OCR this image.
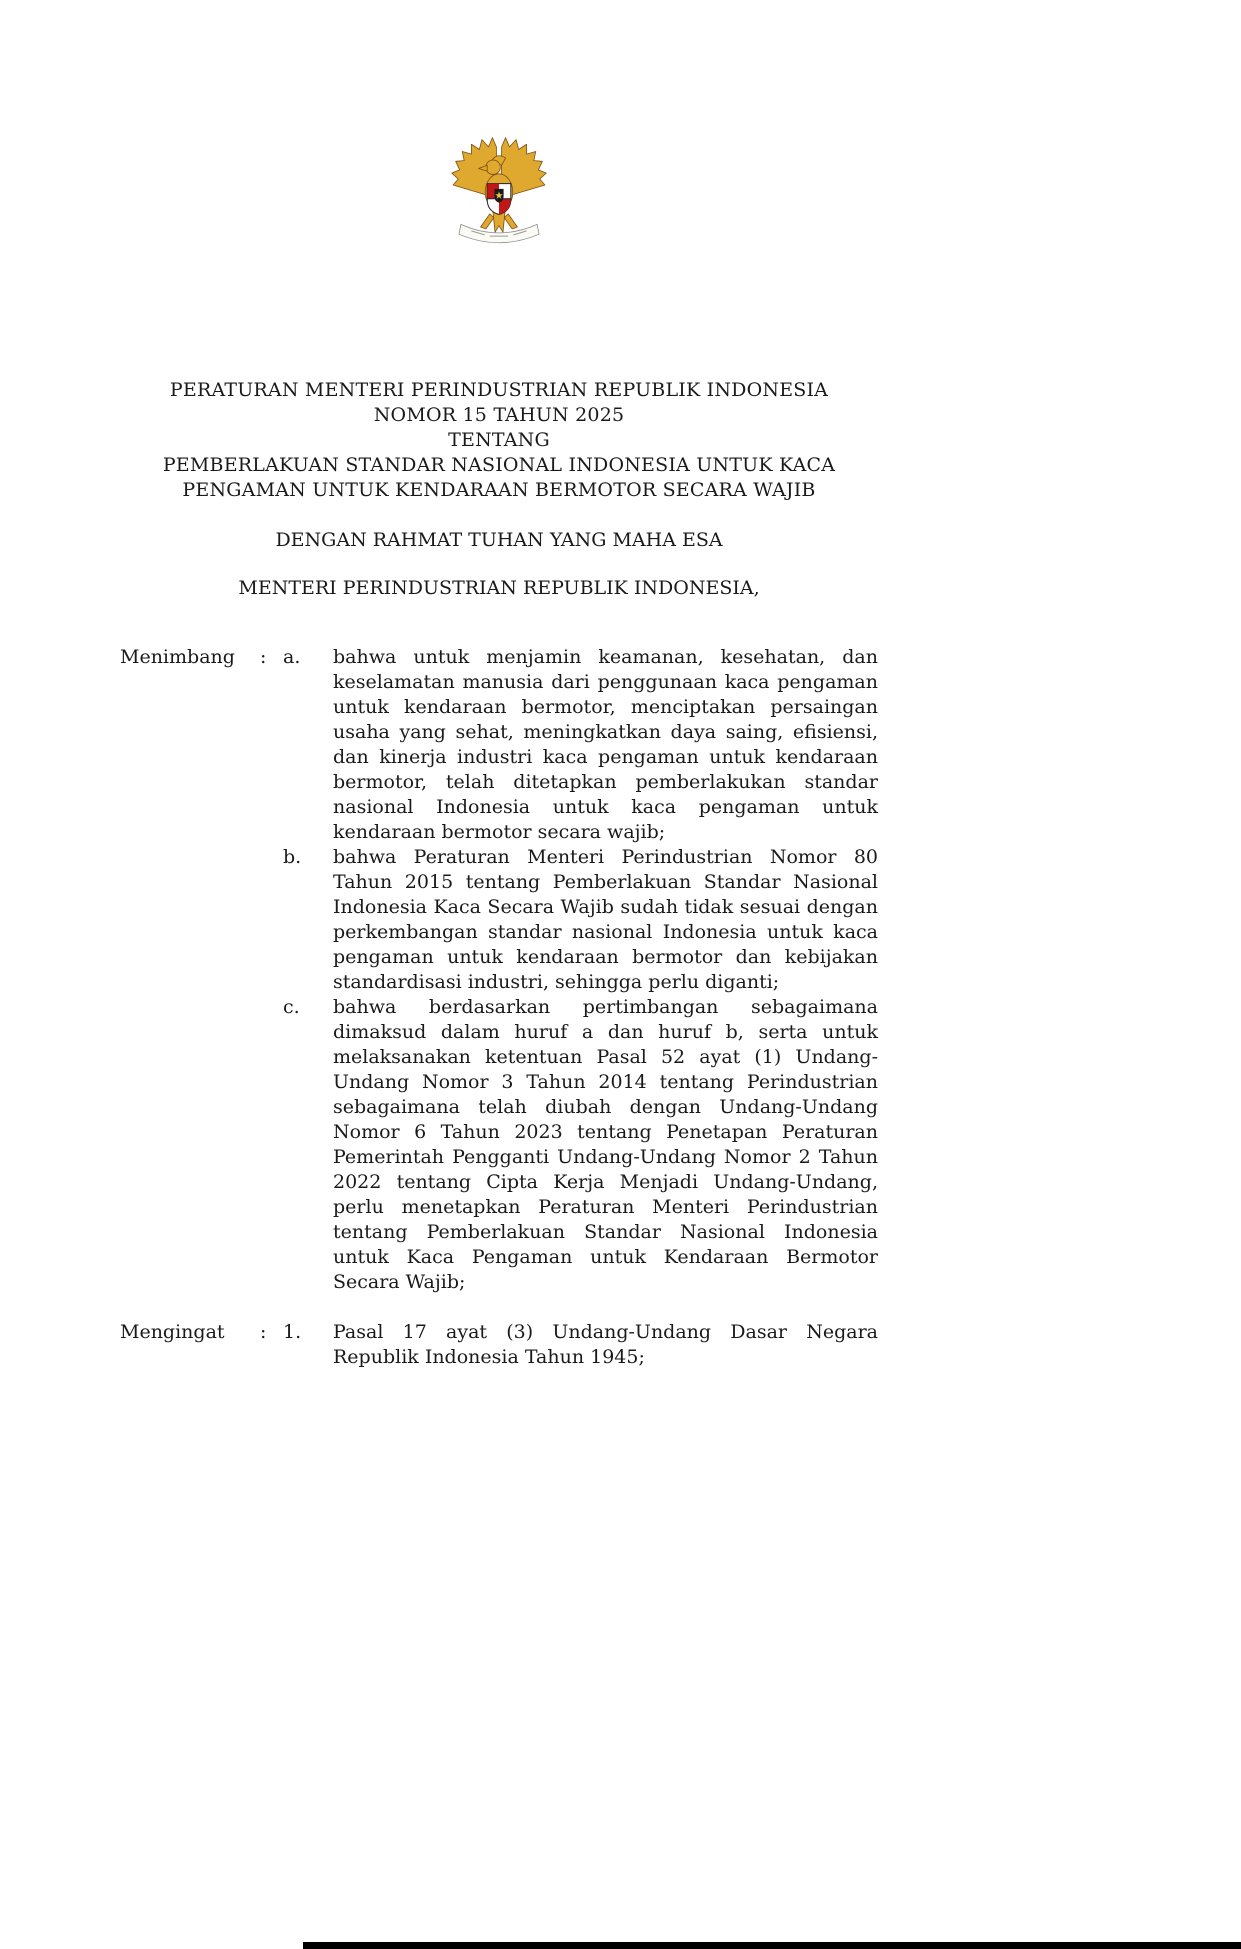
PERATURAN MENTERI PERINDUSTRIAN REPUBLIK INDONESIA
NOMOR 15 TAHUN 2025
TENTANG
PEMBERLAKUAN STANDAR NASIONAL INDONESIA UNTUK KACA
PENGAMAN UNTUK KENDARAAN BERMOTOR SECARA WAJIB
DENGAN RAHMAT TUHAN YANG MAHA ESA
MENTERI PERINDUSTRIAN REPUBLIK INDONESIA,
Menimbang	: a.	bahwa untuk menjamin keamanan, kesehatan, dan keselamatan manusia dari penggunaan kaca pengaman untuk kendaraan bermotor, menciptakan persaingan usaha yang sehat, meningkatkan daya saing, efisiensi, dan kinerja industri kaca pengaman untuk kendaraan bermotor, telah ditetapkan pemberlakukan standar nasional Indonesia untuk kaca pengaman untuk kendaraan bermotor secara wajib;
b.	bahwa Peraturan Menteri Perindustrian Nomor 80 Tahun 2015 tentang Pemberlakuan Standar Nasional Indonesia Kaca Secara Wajib sudah tidak sesuai dengan perkembangan standar nasional Indonesia untuk kaca pengaman untuk kendaraan bermotor dan kebijakan standardisasi industri, sehingga perlu diganti;
c.	bahwa berdasarkan pertimbangan sebagaimana dimaksud dalam huruf a dan huruf b, serta untuk melaksanakan ketentuan Pasal 52 ayat (1) Undang-Undang Nomor 3 Tahun 2014 tentang Perindustrian sebagaimana telah diubah dengan Undang-Undang Nomor 6 Tahun 2023 tentang Penetapan Peraturan Pemerintah Pengganti Undang-Undang Nomor 2 Tahun 2022 tentang Cipta Kerja Menjadi Undang-Undang, perlu menetapkan Peraturan Menteri Perindustrian tentang Pemberlakuan Standar Nasional Indonesia untuk Kaca Pengaman untuk Kendaraan Bermotor Secara Wajib;
Mengingat	: 1.	Pasal 17 ayat (3) Undang-Undang Dasar Negara Republik Indonesia Tahun 1945;
